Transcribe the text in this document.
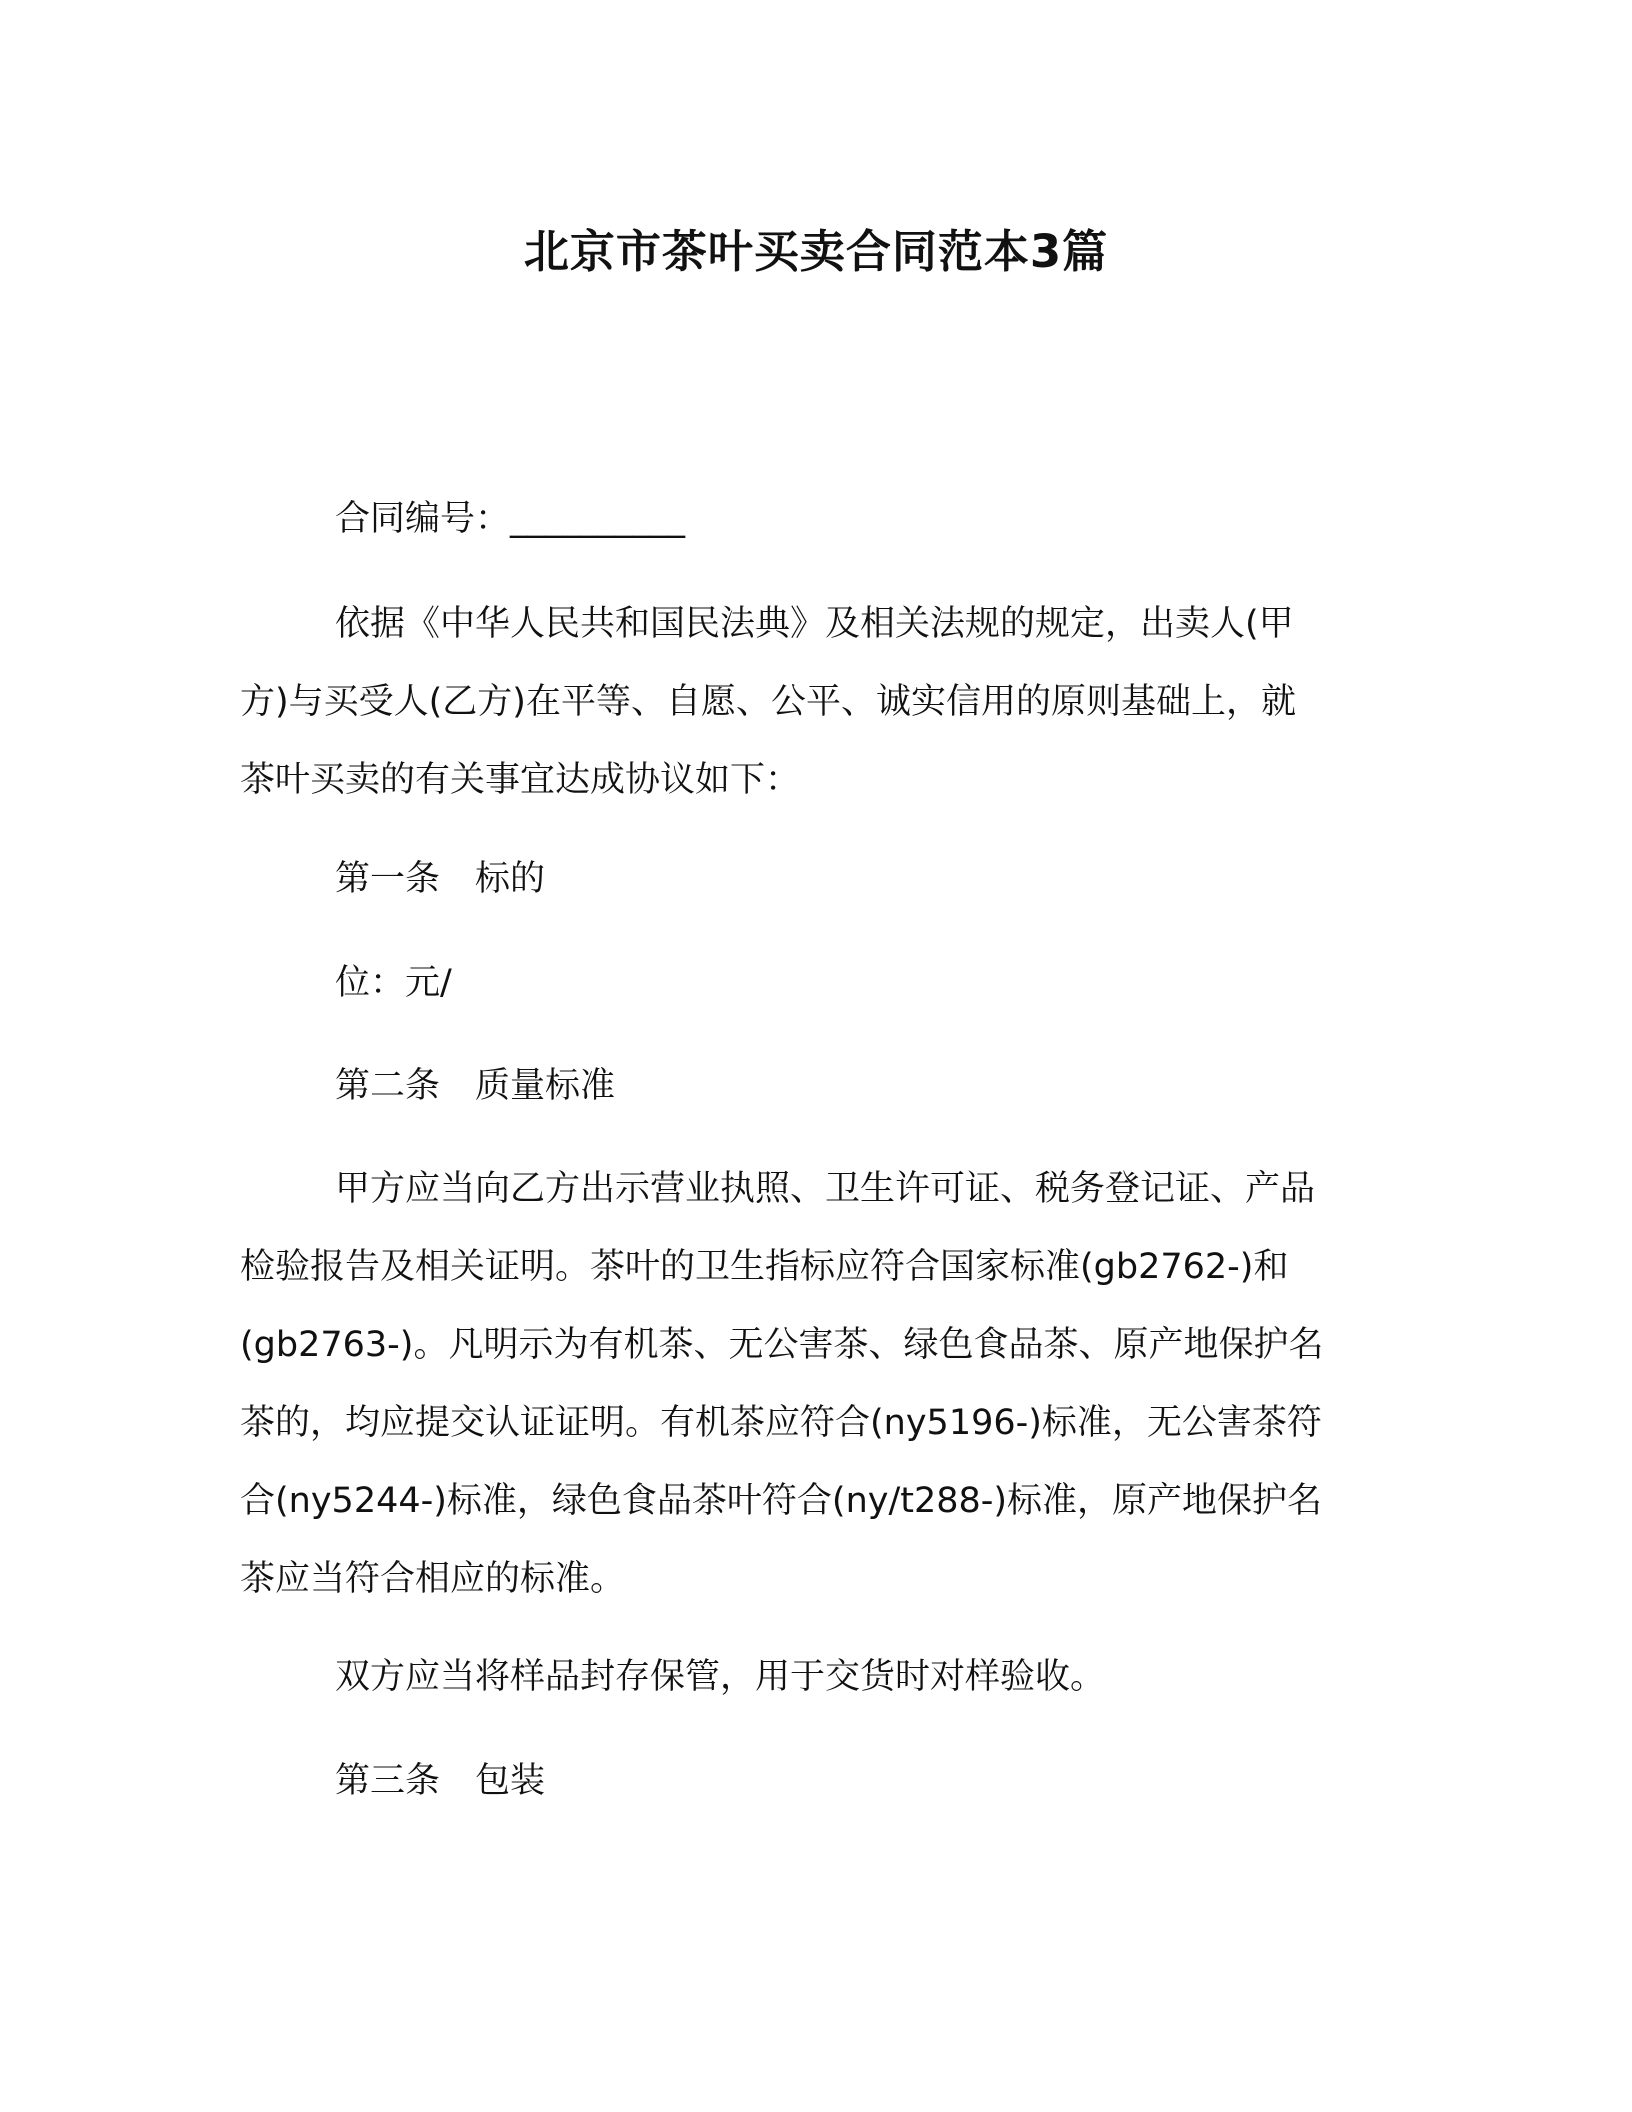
北京市茶叶买卖合同范本3篇

合同编号：__________

依据《中华人民共和国民法典》及相关法规的规定，出卖人(甲
方)与买受人(乙方)在平等、自愿、公平、诚实信用的原则基础上，就
茶叶买卖的有关事宜达成协议如下：

第一条　标的

位：元/

第二条　质量标准

甲方应当向乙方出示营业执照、卫生许可证、税务登记证、产品
检验报告及相关证明。茶叶的卫生指标应符合国家标准(gb2762-)和
(gb2763-)。凡明示为有机茶、无公害茶、绿色食品茶、原产地保护名
茶的，均应提交认证证明。有机茶应符合(ny5196-)标准，无公害茶符
合(ny5244-)标准，绿色食品茶叶符合(ny/t288-)标准，原产地保护名
茶应当符合相应的标准。

双方应当将样品封存保管，用于交货时对样验收。

第三条　包装
